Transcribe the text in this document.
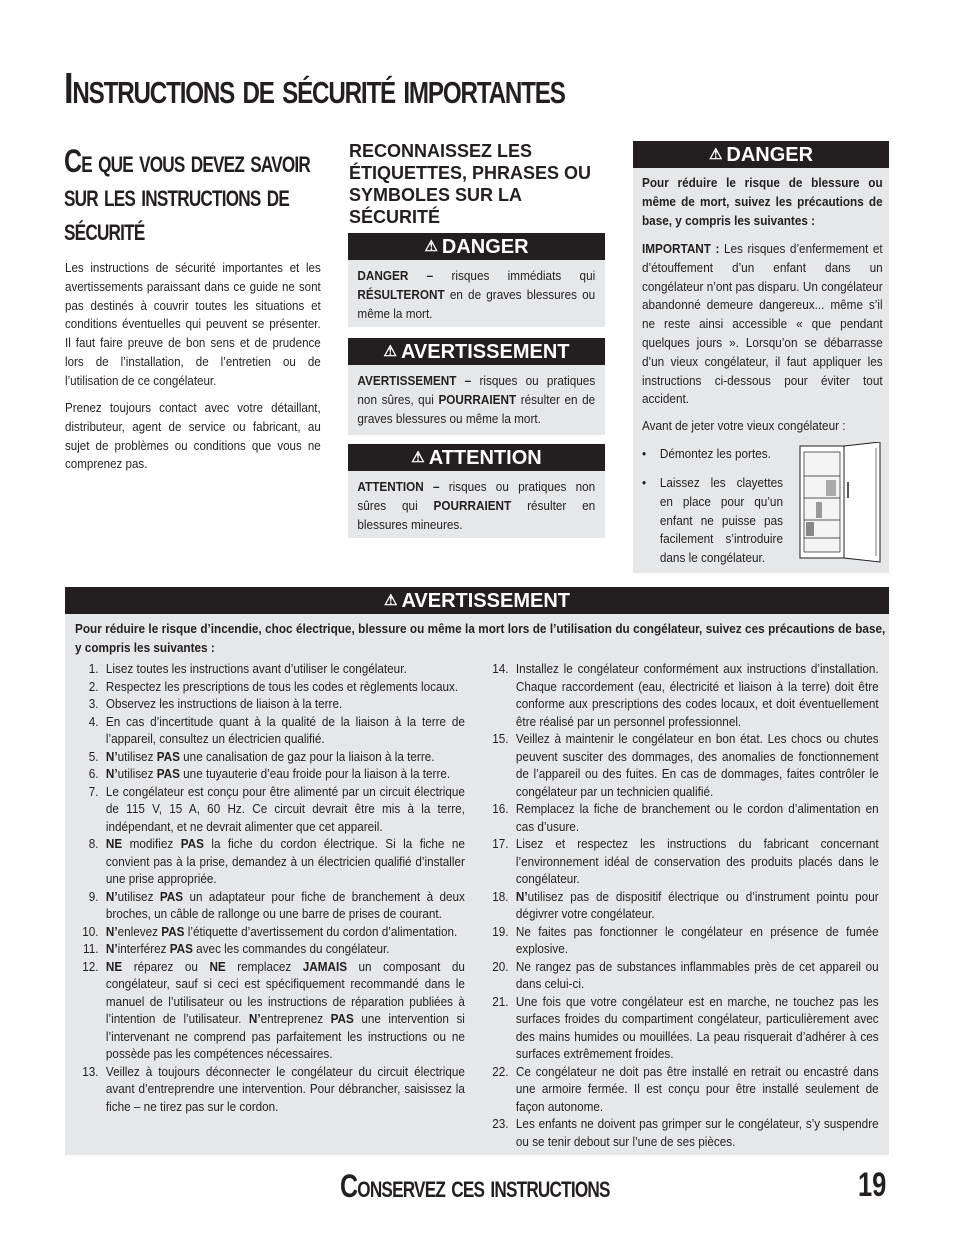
Instructions de sécurité importantes
Ce que vous devez savoir sur les instructions de sécurité
Les instructions de sécurité importantes et les avertissements paraissant dans ce guide ne sont pas destinés à couvrir toutes les situations et conditions éventuelles qui peuvent se présenter. Il faut faire preuve de bon sens et de prudence lors de l’installation, de l’entretien ou de l’utilisation de ce congélateur.
Prenez toujours contact avec votre détaillant, distributeur, agent de service ou fabricant, au sujet de problèmes ou conditions que vous ne comprenez pas.
RECONNAISSEZ LES ÉTIQUETTES, PHRASES OU SYMBOLES SUR LA SÉCURITÉ
⚠ DANGER
DANGER – risques immédiats qui RÉSULTERONT en de graves blessures ou même la mort.
⚠ AVERTISSEMENT
AVERTISSEMENT – risques ou pratiques non sûres, qui POURRAIENT résulter en de graves blessures ou même la mort.
⚠ ATTENTION
ATTENTION – risques ou pratiques non sûres qui POURRAIENT résulter en blessures mineures.
⚠ DANGER
Pour réduire le risque de blessure ou même de mort, suivez les précautions de base, y compris les suivantes :
IMPORTANT : Les risques d’enfermement et d’étouffement d’un enfant dans un congélateur n’ont pas disparu. Un congélateur abandonné demeure dangereux... même s’il ne reste ainsi accessible « que pendant quelques jours ». Lorsqu’on se débarrasse d’un vieux congélateur, il faut appliquer les instructions ci-dessous pour éviter tout accident.
Avant de jeter votre vieux congélateur :
•	Démontez les portes.
•	Laissez les clayettes en place pour qu’un enfant ne puisse pas facilement s’introduire dans le congélateur.
⚠ AVERTISSEMENT
Pour réduire le risque d’incendie, choc électrique, blessure ou même la mort lors de l’utilisation du congélateur, suivez ces précautions de base, y compris les suivantes :
1. Lisez toutes les instructions avant d’utiliser le congélateur.
2. Respectez les prescriptions de tous les codes et règlements locaux.
3. Observez les instructions de liaison à la terre.
4. En cas d’incertitude quant à la qualité de la liaison à la terre de l’appareil, consultez un électricien qualifié.
5. N’utilisez PAS une canalisation de gaz pour la liaison à la terre.
6. N’utilisez PAS une tuyauterie d’eau froide pour la liaison à la terre.
7. Le congélateur est conçu pour être alimenté par un circuit électrique de 115 V, 15 A, 60 Hz. Ce circuit devrait être mis à la terre, indépendant, et ne devrait alimenter que cet appareil.
8. NE modifiez PAS la fiche du cordon électrique. Si la fiche ne convient pas à la prise, demandez à un électricien qualifié d’installer une prise appropriée.
9. N’utilisez PAS un adaptateur pour fiche de branchement à deux broches, un câble de rallonge ou une barre de prises de courant.
10. N’enlevez PAS l’étiquette d’avertissement du cordon d’alimentation.
11. N’interférez PAS avec les commandes du congélateur.
12. NE réparez ou NE remplacez JAMAIS un composant du congélateur, sauf si ceci est spécifiquement recommandé dans le manuel de l’utilisateur ou les instructions de réparation publiées à l’intention de l’utilisateur. N’entreprenez PAS une intervention si l’intervenant ne comprend pas parfaitement les instructions ou ne possède pas les compétences nécessaires.
13. Veillez à toujours déconnecter le congélateur du circuit électrique avant d’entreprendre une intervention. Pour débrancher, saisissez la fiche – ne tirez pas sur le cordon.
14. Installez le congélateur conformément aux instructions d’installation. Chaque raccordement (eau, électricité et liaison à la terre) doit être conforme aux prescriptions des codes locaux, et doit éventuellement être réalisé par un personnel professionnel.
15. Veillez à maintenir le congélateur en bon état. Les chocs ou chutes peuvent susciter des dommages, des anomalies de fonctionnement de l’appareil ou des fuites. En cas de dommages, faites contrôler le congélateur par un technicien qualifié.
16. Remplacez la fiche de branchement ou le cordon d’alimentation en cas d’usure.
17. Lisez et respectez les instructions du fabricant concernant l’environnement idéal de conservation des produits placés dans le congélateur.
18. N’utilisez pas de dispositif électrique ou d’instrument pointu pour dégivrer votre congélateur.
19. Ne faites pas fonctionner le congélateur en présence de fumée explosive.
20. Ne rangez pas de substances inflammables près de cet appareil ou dans celui-ci.
21. Une fois que votre congélateur est en marche, ne touchez pas les surfaces froides du compartiment congélateur, particulièrement avec des mains humides ou mouillées. La peau risquerait d’adhérer à ces surfaces extrêmement froides.
22. Ce congélateur ne doit pas être installé en retrait ou encastré dans une armoire fermée. Il est conçu pour être installé seulement de façon autonome.
23. Les enfants ne doivent pas grimper sur le congélateur, s’y suspendre ou se tenir debout sur l’une de ses pièces.
Conservez ces instructions	19
